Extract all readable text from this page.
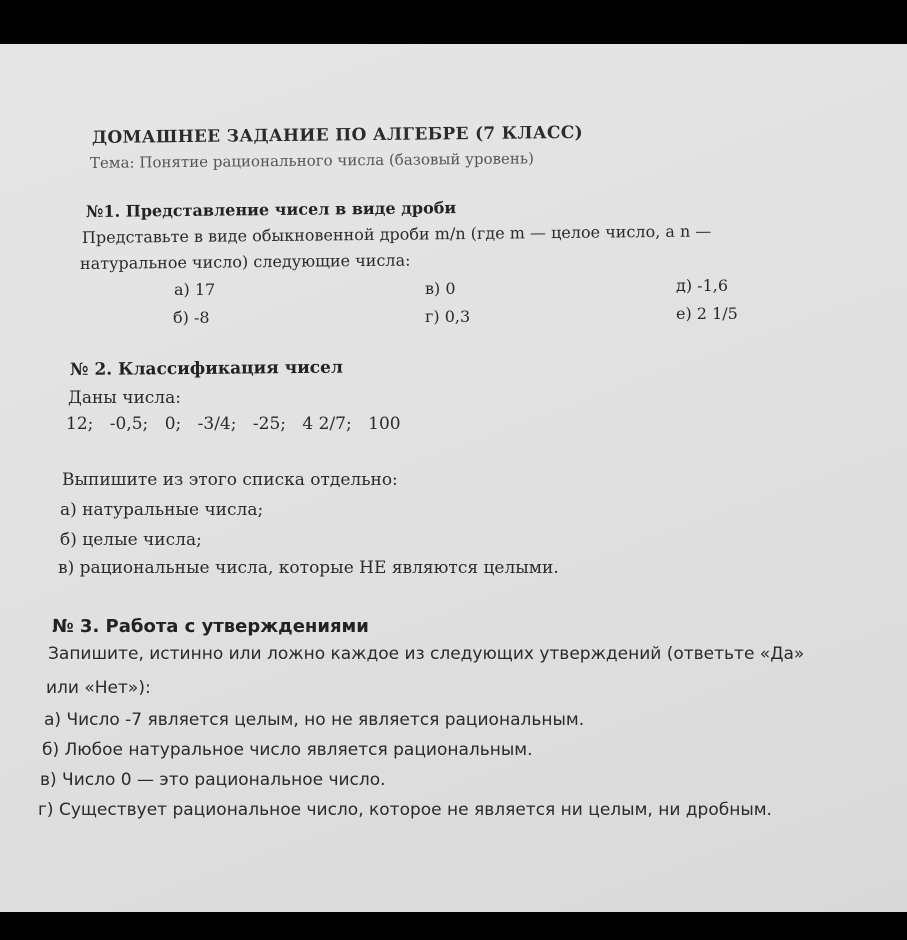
ДОМАШНЕЕ ЗАДАНИЕ ПО АЛГЕБРЕ (7 КЛАСС)
Тема: Понятие рационального числа (базовый уровень)
№1. Представление чисел в виде дроби
Представьте в виде обыкновенной дроби m/n (где m — целое число, а n —
натуральное число) следующие числа:
а) 17
б) -8
в) 0
г) 0,3
д) -1,6
е) 2 1/5
№ 2. Классификация чисел
Даны числа:
12; -0,5; 0; -3/4; -25; 4 2/7; 100
Выпишите из этого списка отдельно:
а) натуральные числа;
б) целые числа;
в) рациональные числа, которые НЕ являются целыми.
№ 3. Работа с утверждениями
Запишите, истинно или ложно каждое из следующих утверждений (ответьте «Да»
или «Нет»):
а) Число -7 является целым, но не является рациональным.
б) Любое натуральное число является рациональным.
в) Число 0 — это рациональное число.
г) Существует рациональное число, которое не является ни целым, ни дробным.
